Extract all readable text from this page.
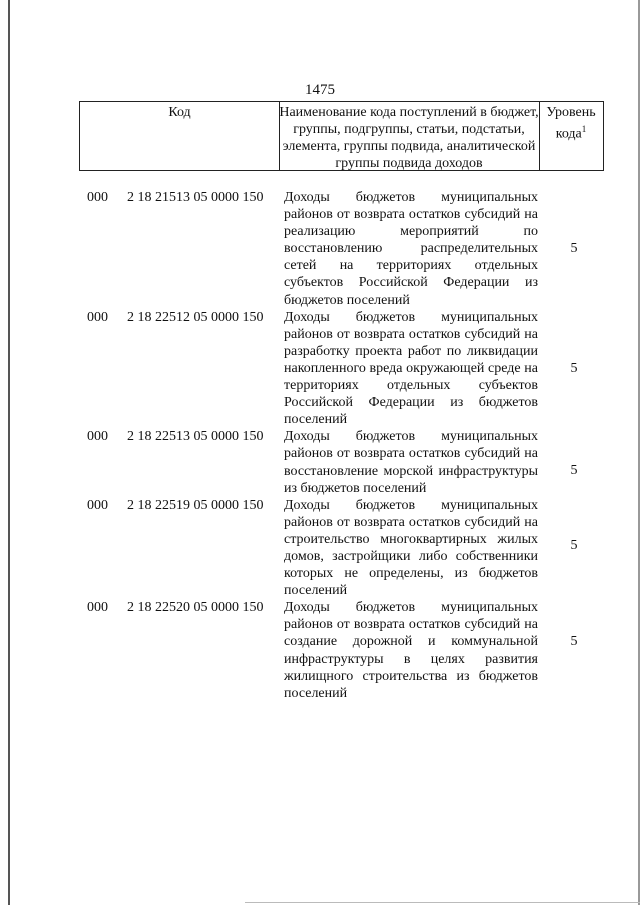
1475
Код	Наименование кода поступлений в бюджет, группы, подгруппы, статьи, подстатьи, элемента, группы подвида, аналитической группы подвида доходов
Уровень кода$^1$
000 2 18 21513 05 0000 150 Доходы бюджетов муниципальных районов от возврата остатков субсидий на реализацию мероприятий по восстановлению распределительных сетей на территориях отдельных субъектов Российской Федерации из бюджетов поселений
5
000 2 18 22512 05 0000 150 Доходы бюджетов муниципальных районов от возврата остатков субсидий на разработку проекта работ по ликвидации накопленного вреда окружающей среде на территориях отдельных субъектов Российской Федерации из бюджетов поселений
5
000 2 18 22513 05 0000 150 Доходы бюджетов муниципальных районов от возврата остатков субсидий на восстановление морской инфраструктуры из бюджетов поселений
5
000 2 18 22519 05 0000 150 Доходы бюджетов муниципальных районов от возврата остатков субсидий на строительство многоквартирных жилых домов, застройщики либо собственники которых не определены, из бюджетов поселений
5
000 2 18 22520 05 0000 150 Доходы бюджетов муниципальных районов от возврата остатков субсидий на создание дорожной и коммунальной инфраструктуры в целях развития жилищного строительства из бюджетов поселений
5
